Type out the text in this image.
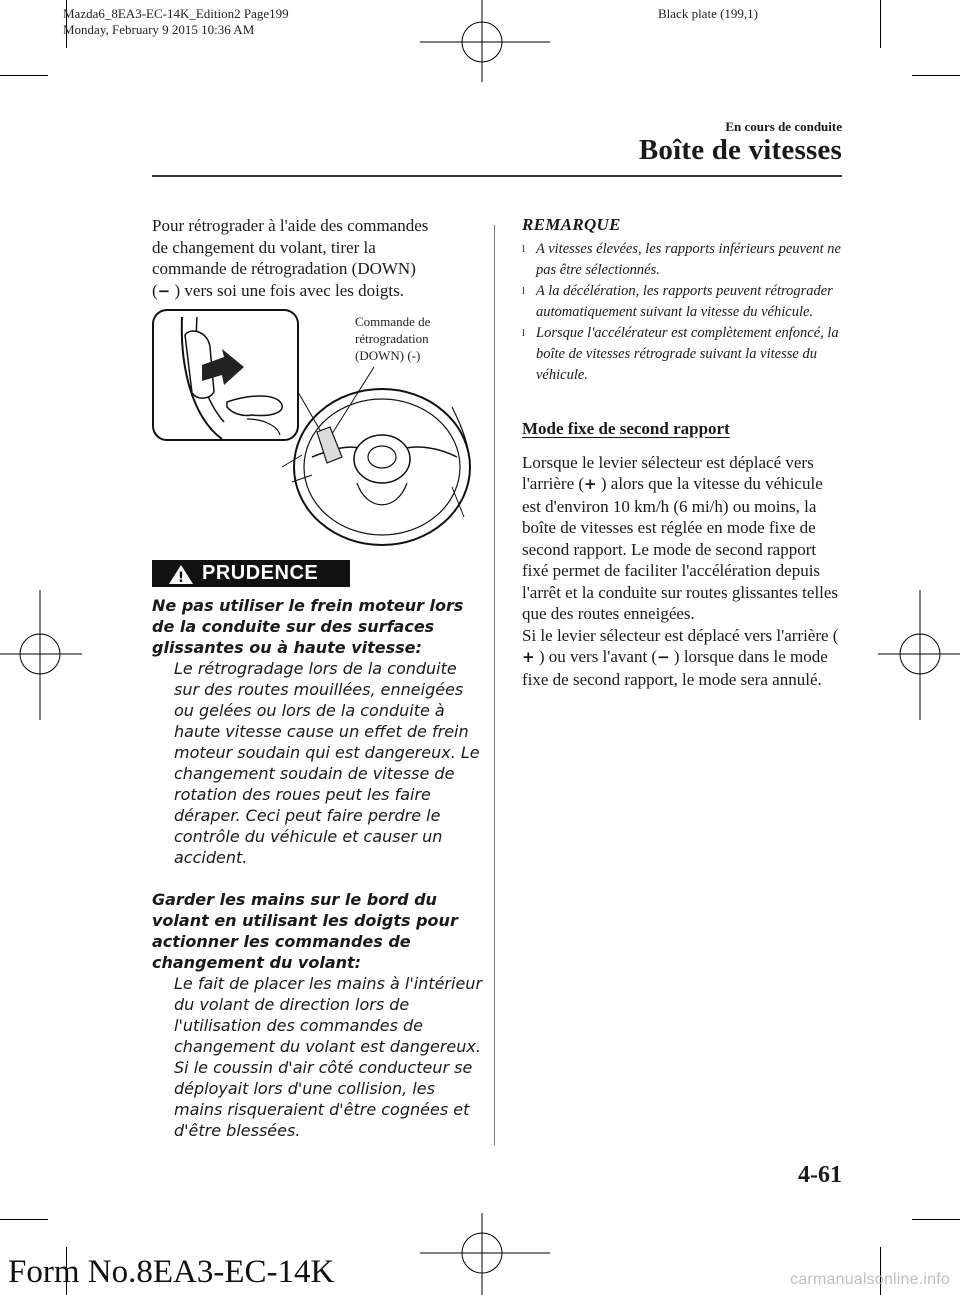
Mazda6_8EA3-EC-14K_Edition2 Page199
Monday, February 9 2015 10:36 AM
Black plate (199,1)
En cours de conduite
Boîte de vitesses
Pour rétrograder à l'aide des commandes
de changement du volant, tirer la
commande de rétrogradation (DOWN)
(− ) vers soi une fois avec les doigts.
Commande de
rétrogradation
(DOWN) (-)
! PRUDENCE
Ne pas utiliser le frein moteur lors de la conduite sur des surfaces glissantes ou à haute vitesse:
Le rétrogradage lors de la conduite sur des routes mouillées, enneigées ou gelées ou lors de la conduite à haute vitesse cause un effet de frein moteur soudain qui est dangereux. Le changement soudain de vitesse de rotation des roues peut les faire déraper. Ceci peut faire perdre le contrôle du véhicule et causer un accident.
Garder les mains sur le bord du volant en utilisant les doigts pour actionner les commandes de changement du volant:
Le fait de placer les mains à l'intérieur du volant de direction lors de l'utilisation des commandes de changement du volant est dangereux. Si le coussin d'air côté conducteur se déployait lors d'une collision, les mains risqueraient d'être cognées et d'être blessées.
REMARQUE
l A vitesses élevées, les rapports inférieurs peuvent ne pas être sélectionnés.
l A la décélération, les rapports peuvent rétrograder automatiquement suivant la vitesse du véhicule.
l Lorsque l'accélérateur est complètement enfoncé, la boîte de vitesses rétrograde suivant la vitesse du véhicule.
Mode fixe de second rapport

Lorsque le levier sélecteur est déplacé vers l'arrière (+ ) alors que la vitesse du véhicule est d'environ 10 km/h (6 mi/h) ou moins, la boîte de vitesses est réglée en mode fixe de second rapport. Le mode de second rapport fixé permet de faciliter l'accélération depuis l'arrêt et la conduite sur routes glissantes telles que des routes enneigées.

Si le levier sélecteur est déplacé vers l'arrière (+ ) ou vers l'avant (− ) lorsque dans le mode fixe de second rapport, le mode sera annulé.

4-61
Form No.8EA3-EC-14K	carmanualsonline.info
